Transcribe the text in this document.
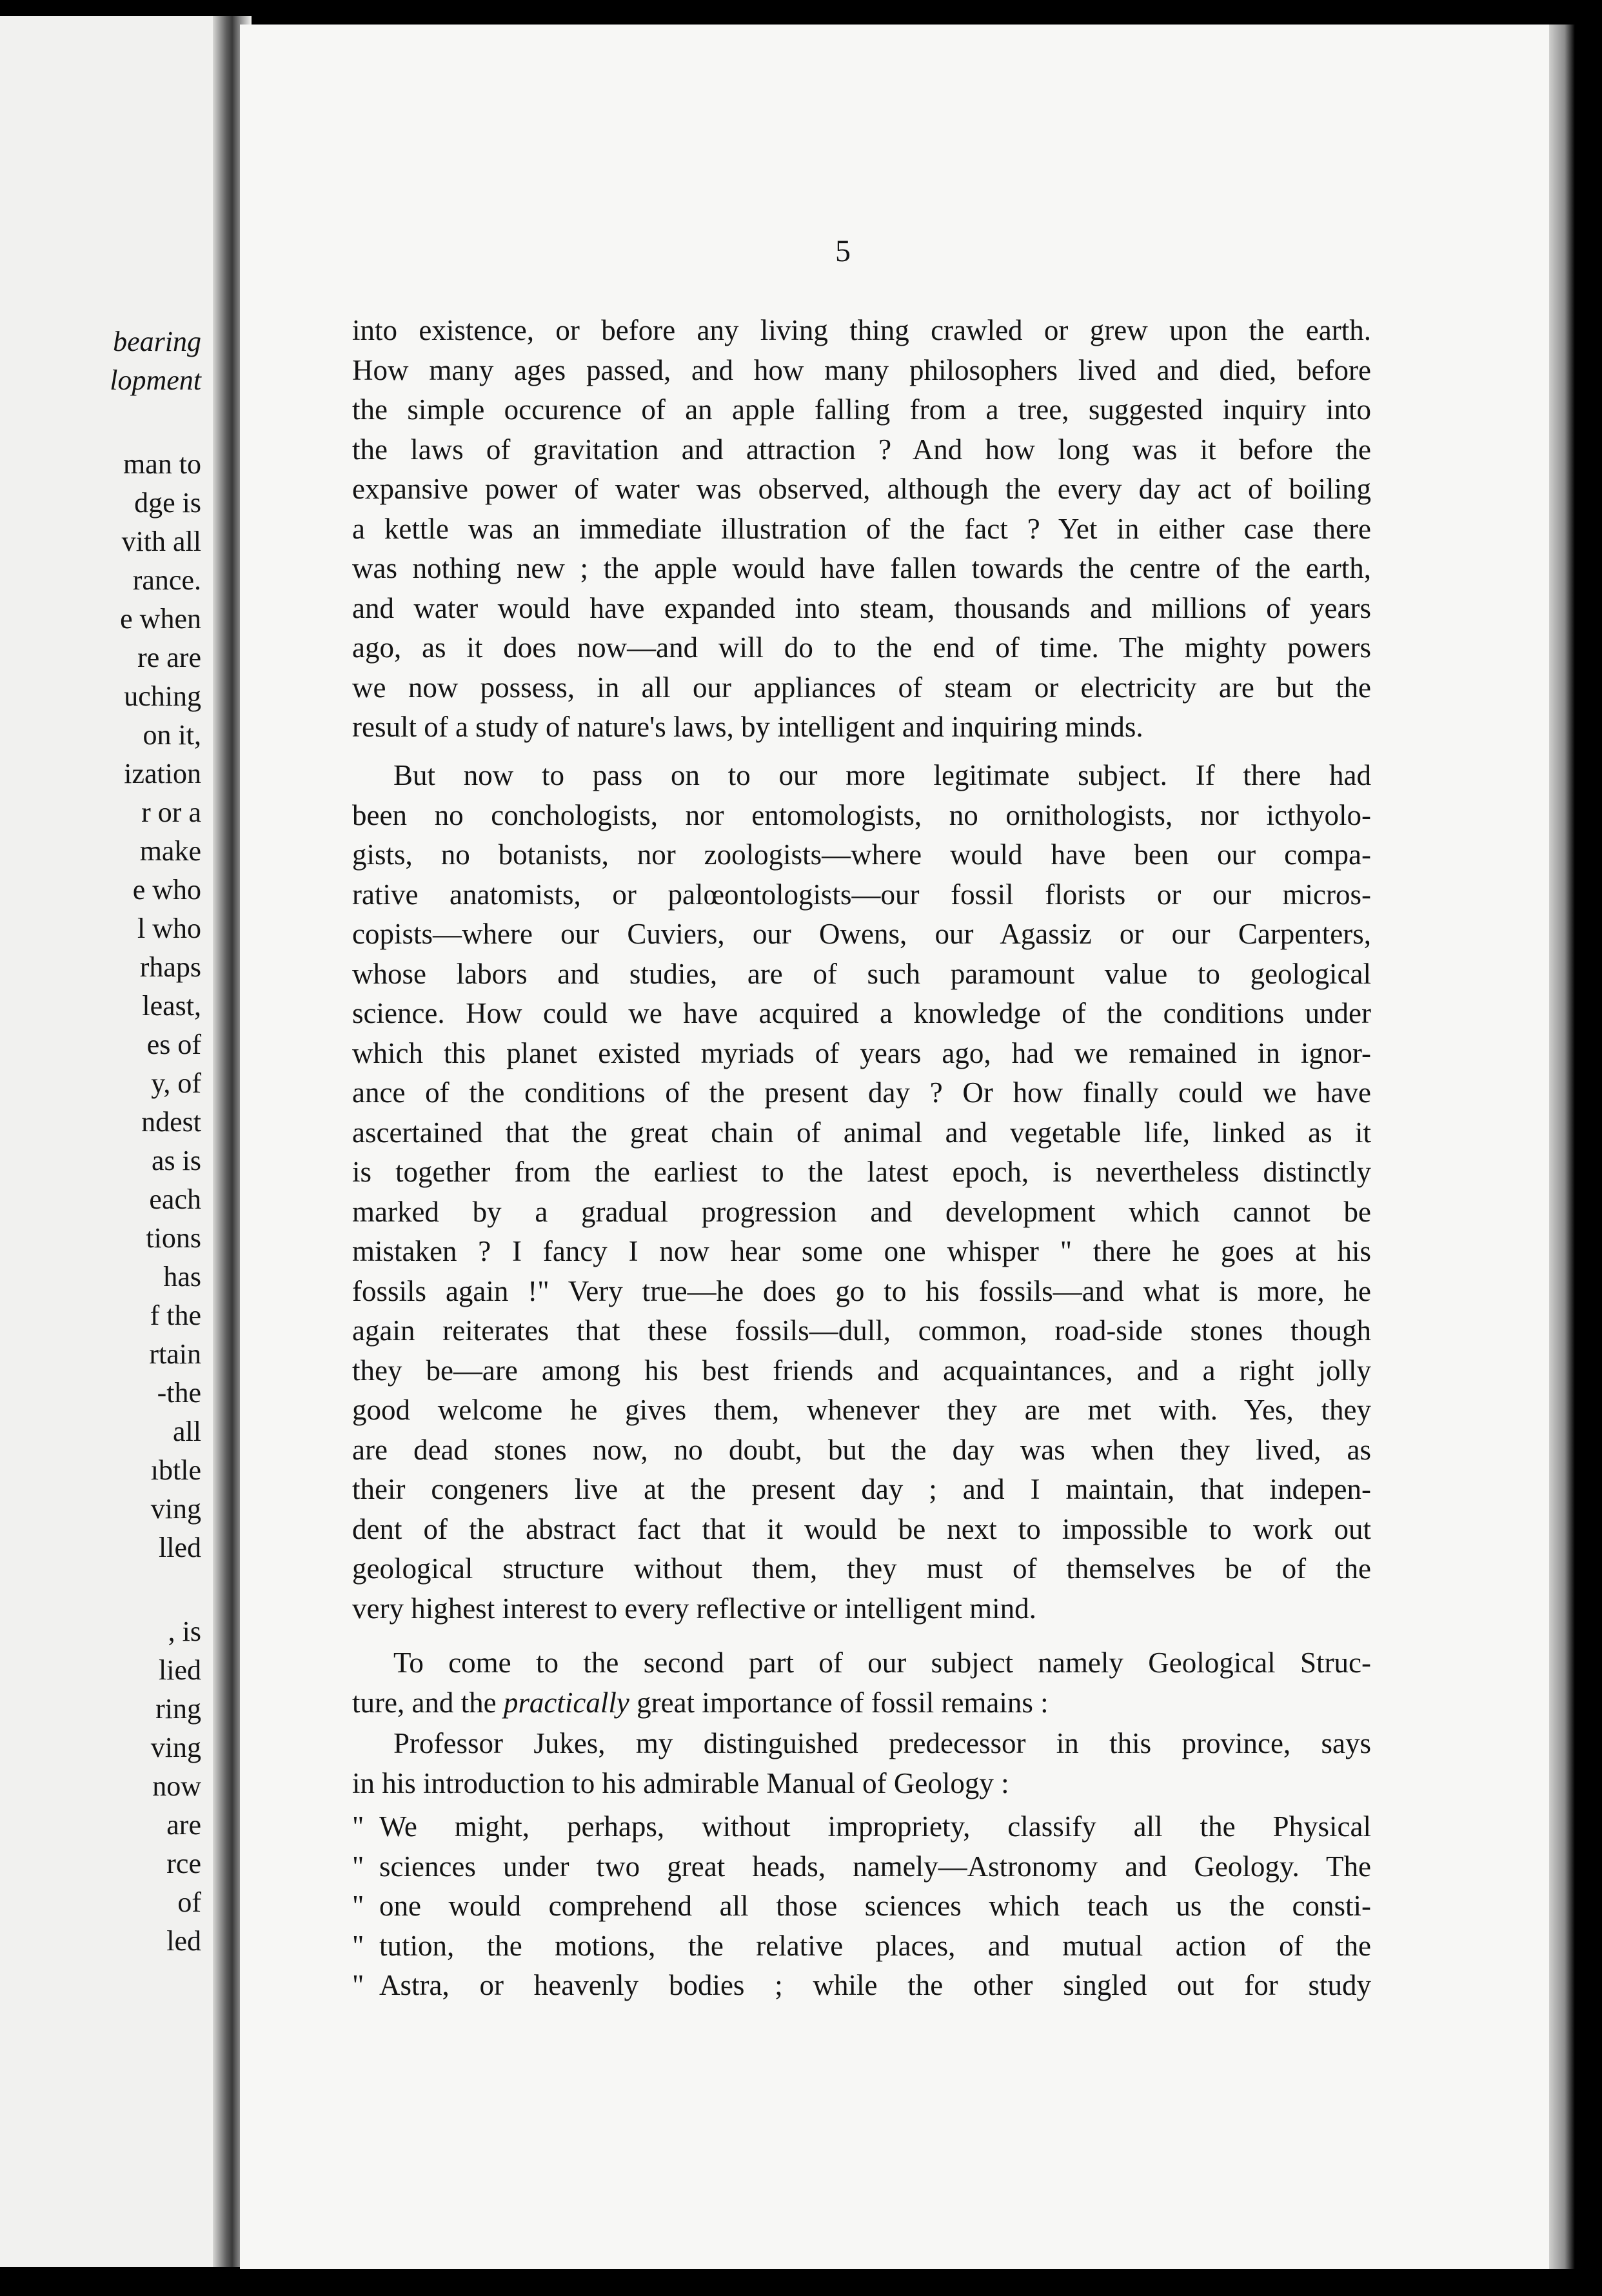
bearing

lopment

man to

dge is

vith all

rance.

e when

re are

uching

on it,

ization

r or a

make

e who

l who

rhaps

least,

es of

y, of

ndest

as is

each

tions

has

f the

rtain

-the

all

ıbtle

ving

lled

, is

lied

ring

ving

now

are

rce

of

led

5

into existence, or before any living thing crawled or grew upon the earth.

How many ages passed, and how many philosophers lived and died, before

the simple occurence of an apple falling from a tree, suggested inquiry into

the laws of gravitation and attraction ? And how long was it before the

expansive power of water was observed, although the every day act of boiling

a kettle was an immediate illustration of the fact ? Yet in either case there

was nothing new ; the apple would have fallen towards the centre of the earth,

and water would have expanded into steam, thousands and millions of years

ago, as it does now—and will do to the end of time. The mighty powers

we now possess, in all our appliances of steam or electricity are but the

result of a study of nature's laws, by intelligent and inquiring minds.

But now to pass on to our more legitimate subject. If there had

been no conchologists, nor entomologists, no ornithologists, nor icthyolo-

gists, no botanists, nor zoologists—where would have been our compa-

rative anatomists, or palœontologists—our fossil florists or our micros-

copists—where our Cuviers, our Owens, our Agassiz or our Carpenters,

whose labors and studies, are of such paramount value to geological

science. How could we have acquired a knowledge of the conditions under

which this planet existed myriads of years ago, had we remained in ignor-

ance of the conditions of the present day ? Or how finally could we have

ascertained that the great chain of animal and vegetable life, linked as it

is together from the earliest to the latest epoch, is nevertheless distinctly

marked by a gradual progression and development which cannot be

mistaken ? I fancy I now hear some one whisper " there he goes at his

fossils again !" Very true—he does go to his fossils—and what is more, he

again reiterates that these fossils—dull, common, road-side stones though

they be—are among his best friends and acquaintances, and a right jolly

good welcome he gives them, whenever they are met with. Yes, they

are dead stones now, no doubt, but the day was when they lived, as

their congeners live at the present day ; and I maintain, that indepen-

dent of the abstract fact that it would be next to impossible to work out

geological structure without them, they must of themselves be of the

very highest interest to every reflective or intelligent mind.

To come to the second part of our subject namely Geological Struc-

ture, and the practically great importance of fossil remains :

Professor Jukes, my distinguished predecessor in this province, says

in his introduction to his admirable Manual of Geology :

" We might, perhaps, without impropriety, classify all the Physical

" sciences under two great heads, namely—Astronomy and Geology. The

" one would comprehend all those sciences which teach us the consti-

" tution, the motions, the relative places, and mutual action of the

" Astra, or heavenly bodies ; while the other singled out for study
